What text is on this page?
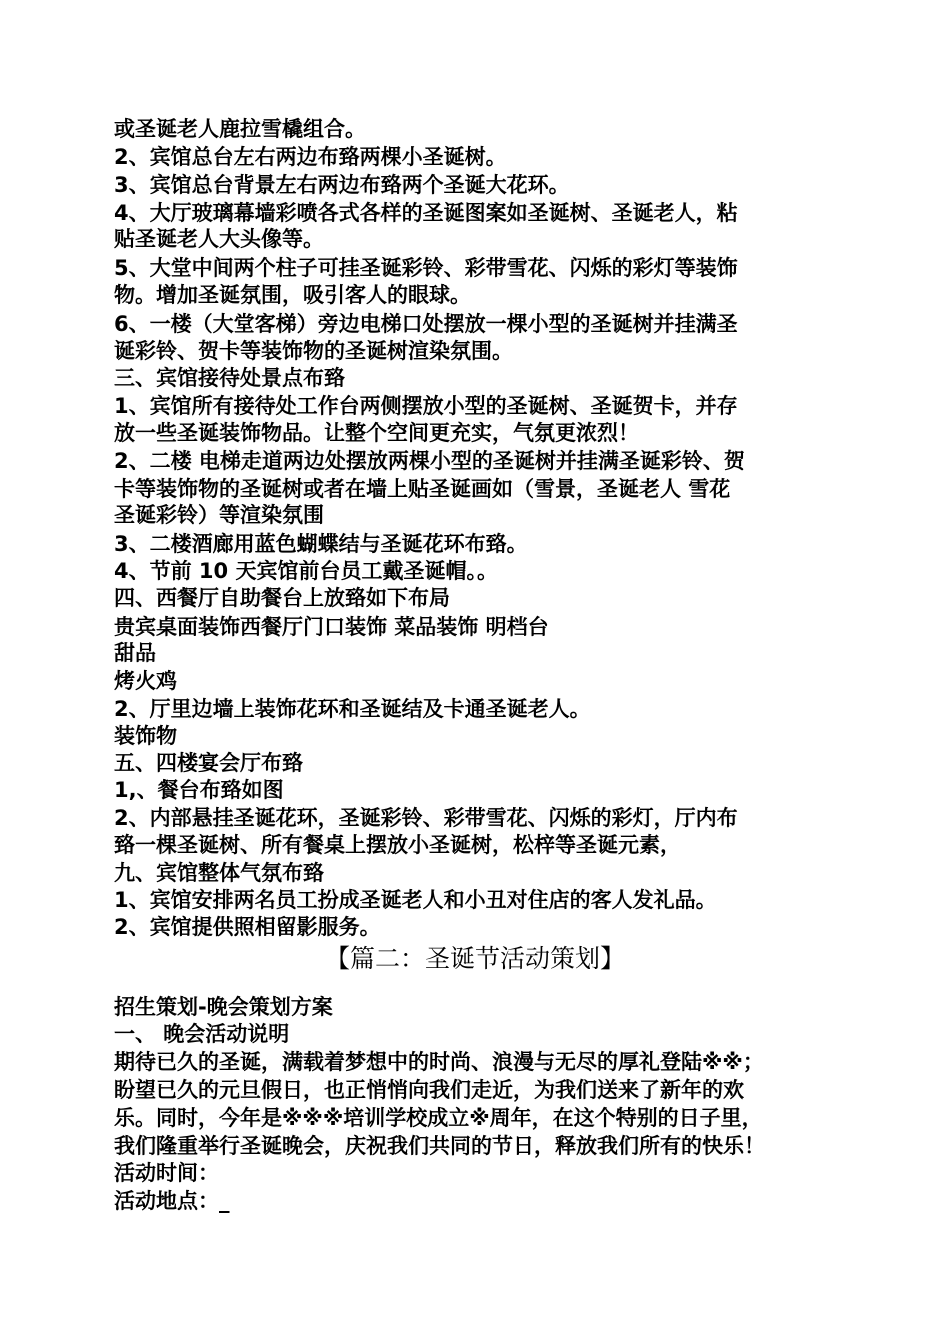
或圣诞老人鹿拉雪橇组合。
2、宾馆总台左右两边布臵两棵小圣诞树。
3、宾馆总台背景左右两边布臵两个圣诞大花环。
4、大厅玻璃幕墙彩喷各式各样的圣诞图案如圣诞树、圣诞老人，粘
贴圣诞老人大头像等。
5、大堂中间两个柱子可挂圣诞彩铃、彩带雪花、闪烁的彩灯等装饰
物。增加圣诞氛围，吸引客人的眼球。
6、一楼（大堂客梯）旁边电梯口处摆放一棵小型的圣诞树并挂满圣
诞彩铃、贺卡等装饰物的圣诞树渲染氛围。
三、宾馆接待处景点布臵
1、宾馆所有接待处工作台两侧摆放小型的圣诞树、圣诞贺卡，并存
放一些圣诞装饰物品。让整个空间更充实，气氛更浓烈！
2、二楼 电梯走道两边处摆放两棵小型的圣诞树并挂满圣诞彩铃、贺
卡等装饰物的圣诞树或者在墙上贴圣诞画如（雪景，圣诞老人 雪花
圣诞彩铃）等渲染氛围
3、二楼酒廊用蓝色蝴蝶结与圣诞花环布臵。
4、节前 10 天宾馆前台员工戴圣诞帽。。
四、西餐厅自助餐台上放臵如下布局
贵宾桌面装饰西餐厅门口装饰 菜品装饰 明档台
甜品
烤火鸡
2、厅里边墙上装饰花环和圣诞结及卡通圣诞老人。
装饰物
五、四楼宴会厅布臵
1,、餐台布臵如图
2、内部悬挂圣诞花环，圣诞彩铃、彩带雪花、闪烁的彩灯，厅内布
臵一棵圣诞树、所有餐桌上摆放小圣诞树，松梓等圣诞元素，
九、宾馆整体气氛布臵
1、宾馆安排两名员工扮成圣诞老人和小丑对住店的客人发礼品。
2、宾馆提供照相留影服务。
【篇二：圣诞节活动策划】
招生策划-晚会策划方案
一、 晚会活动说明
期待已久的圣诞，满载着梦想中的时尚、浪漫与无尽的厚礼登陆※※；
盼望已久的元旦假日，也正悄悄向我们走近，为我们送来了新年的欢
乐。同时，今年是※※※培训学校成立※周年，在这个特别的日子里，
我们隆重举行圣诞晚会，庆祝我们共同的节日，释放我们所有的快乐！
活动时间：
活动地点：_
